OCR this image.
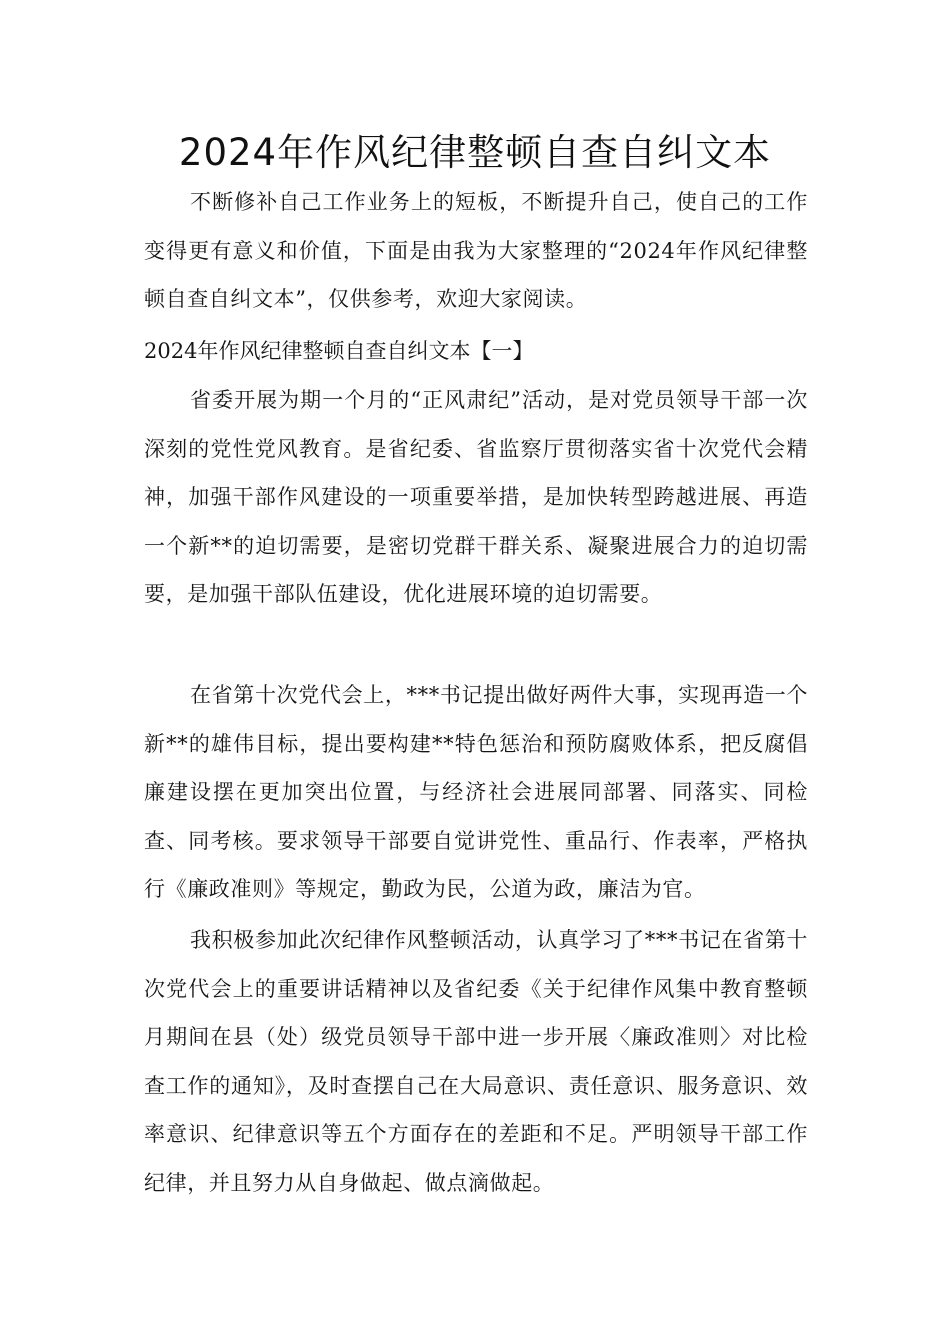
2024年作风纪律整顿自查自纠文本

不断修补自己工作业务上的短板，不断提升自己，使自己的工作变得更有意义和价值，下面是由我为大家整理的“2024年作风纪律整顿自查自纠文本”，仅供参考，欢迎大家阅读。

2024年作风纪律整顿自查自纠文本【一】

省委开展为期一个月的“正风肃纪”活动，是对党员领导干部一次深刻的党性党风教育。是省纪委、省监察厅贯彻落实省十次党代会精神，加强干部作风建设的一项重要举措，是加快转型跨越进展、再造一个新**的迫切需要，是密切党群干群关系、凝聚进展合力的迫切需要，是加强干部队伍建设，优化进展环境的迫切需要。

在省第十次党代会上，***书记提出做好两件大事，实现再造一个新**的雄伟目标，提出要构建**特色惩治和预防腐败体系，把反腐倡廉建设摆在更加突出位置，与经济社会进展同部署、同落实、同检查、同考核。要求领导干部要自觉讲党性、重品行、作表率，严格执行《廉政准则》等规定，勤政为民，公道为政，廉洁为官。

我积极参加此次纪律作风整顿活动，认真学习了***书记在省第十次党代会上的重要讲话精神以及省纪委《关于纪律作风集中教育整顿月期间在县（处）级党员领导干部中进一步开展〈廉政准则〉对比检查工作的通知》，及时查摆自己在大局意识、责任意识、服务意识、效率意识、纪律意识等五个方面存在的差距和不足。严明领导干部工作纪律，并且努力从自身做起、做点滴做起。
